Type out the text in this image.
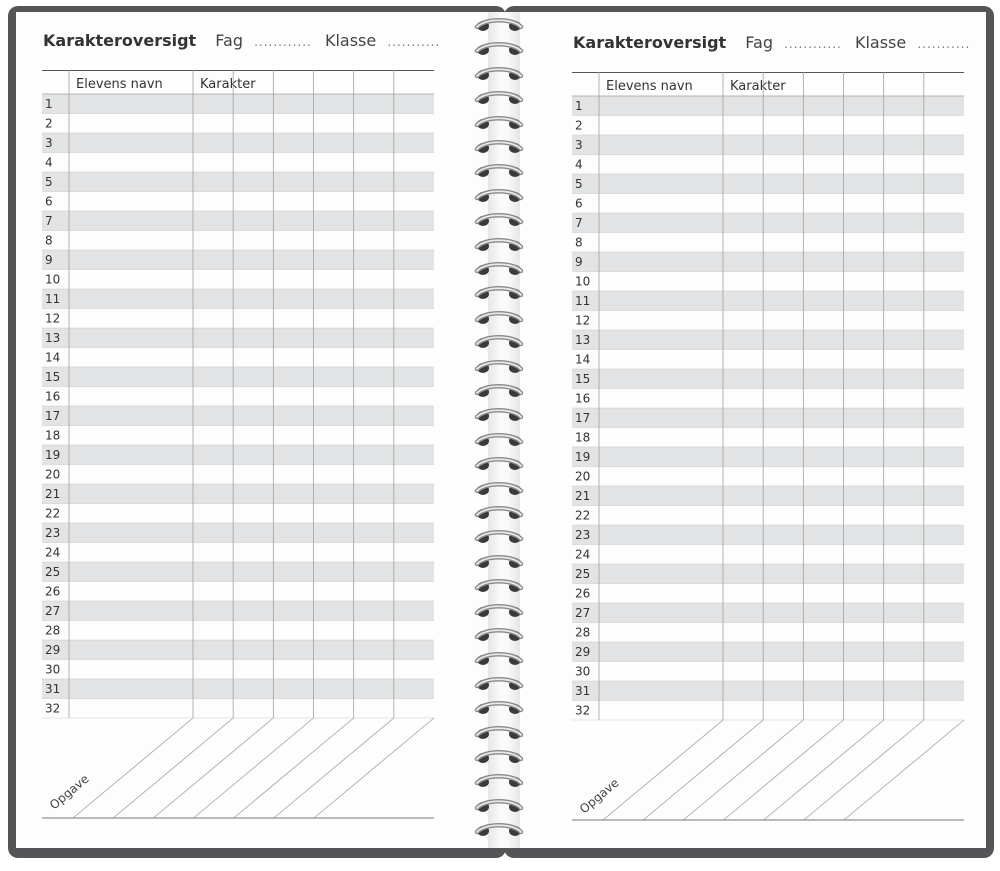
Karakteroversigt Fag ............ Klasse ...........	Karakteroversigt Fag ............ Klasse ...........
Elevens navn	Karakter
Opgave
1
2
3
4
5
6
7
8
9
10
11
12
13
14
15
16
17
18
19
20
21
22
23
24
25
26
27
28
29
30
31
32
Elevens navn	Karakter
Opgave
1
2
3
4
5
6
7
8
9
10
11
12
13
14
15
16
17
18
19
20
21
22
23
24
25
26
27
28
29
30
31
32
